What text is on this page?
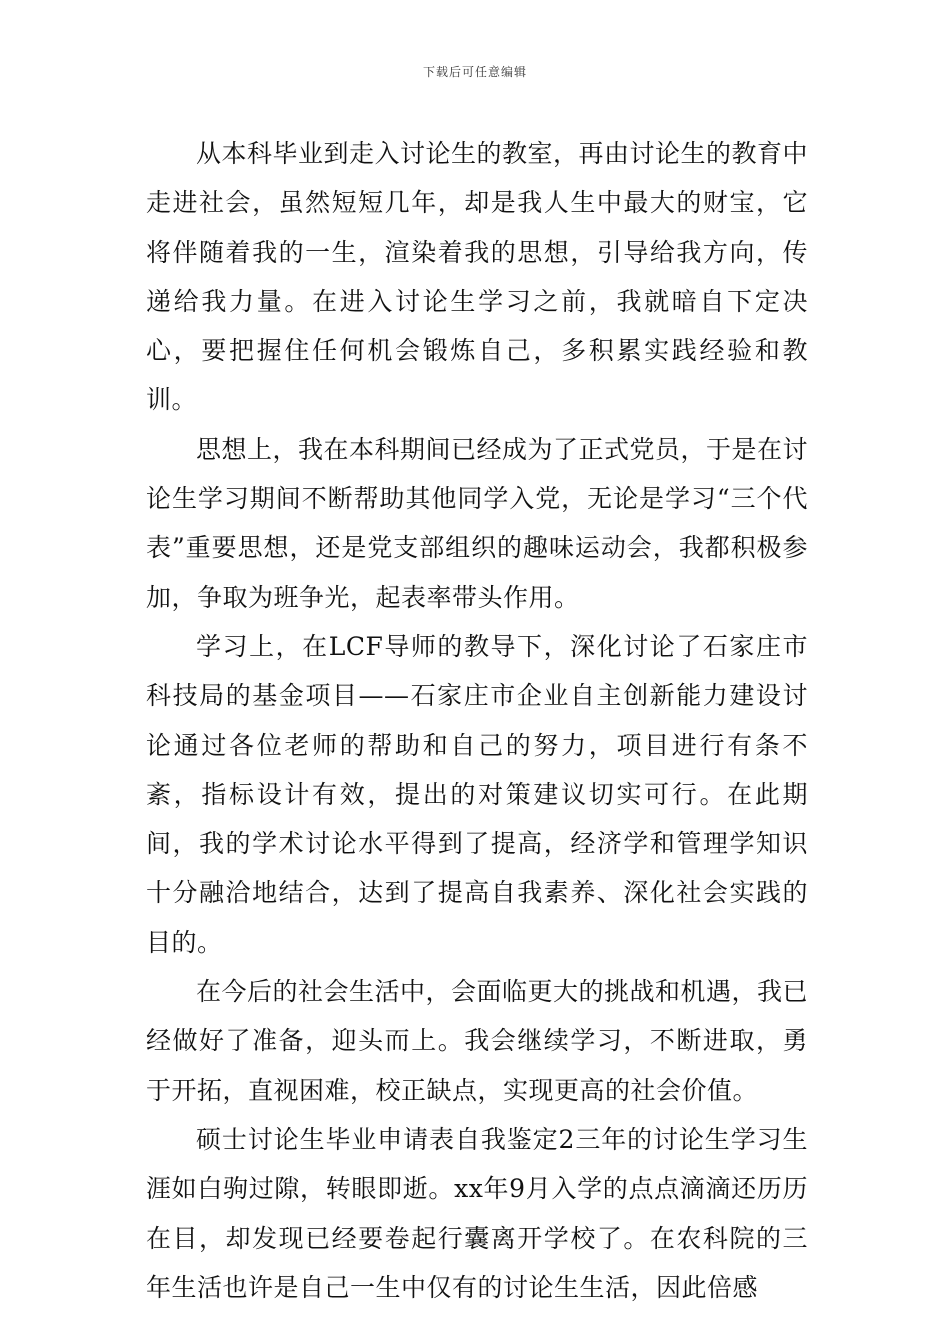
下载后可任意编辑

从本科毕业到走入讨论生的教室，再由讨论生的教育中走进社会，虽然短短几年，却是我人生中最大的财宝，它将伴随着我的一生，渲染着我的思想，引导给我方向，传递给我力量。在进入讨论生学习之前，我就暗自下定决心，要把握住任何机会锻炼自己，多积累实践经验和教训。

思想上，我在本科期间已经成为了正式党员，于是在讨论生学习期间不断帮助其他同学入党，无论是学习“三个代表”重要思想，还是党支部组织的趣味运动会，我都积极参加，争取为班争光，起表率带头作用。

学习上，在LCF导师的教导下，深化讨论了石家庄市科技局的基金项目——石家庄市企业自主创新能力建设讨论通过各位老师的帮助和自己的努力，项目进行有条不紊，指标设计有效，提出的对策建议切实可行。在此期间，我的学术讨论水平得到了提高，经济学和管理学知识十分融洽地结合，达到了提高自我素养、深化社会实践的目的。

在今后的社会生活中，会面临更大的挑战和机遇，我已经做好了准备，迎头而上。我会继续学习，不断进取，勇于开拓，直视困难，校正缺点，实现更高的社会价值。

硕士讨论生毕业申请表自我鉴定2三年的讨论生学习生涯如白驹过隙，转眼即逝。xx年9月入学的点点滴滴还历历在目，却发现已经要卷起行囊离开学校了。在农科院的三年生活也许是自己一生中仅有的讨论生生活，因此倍感
